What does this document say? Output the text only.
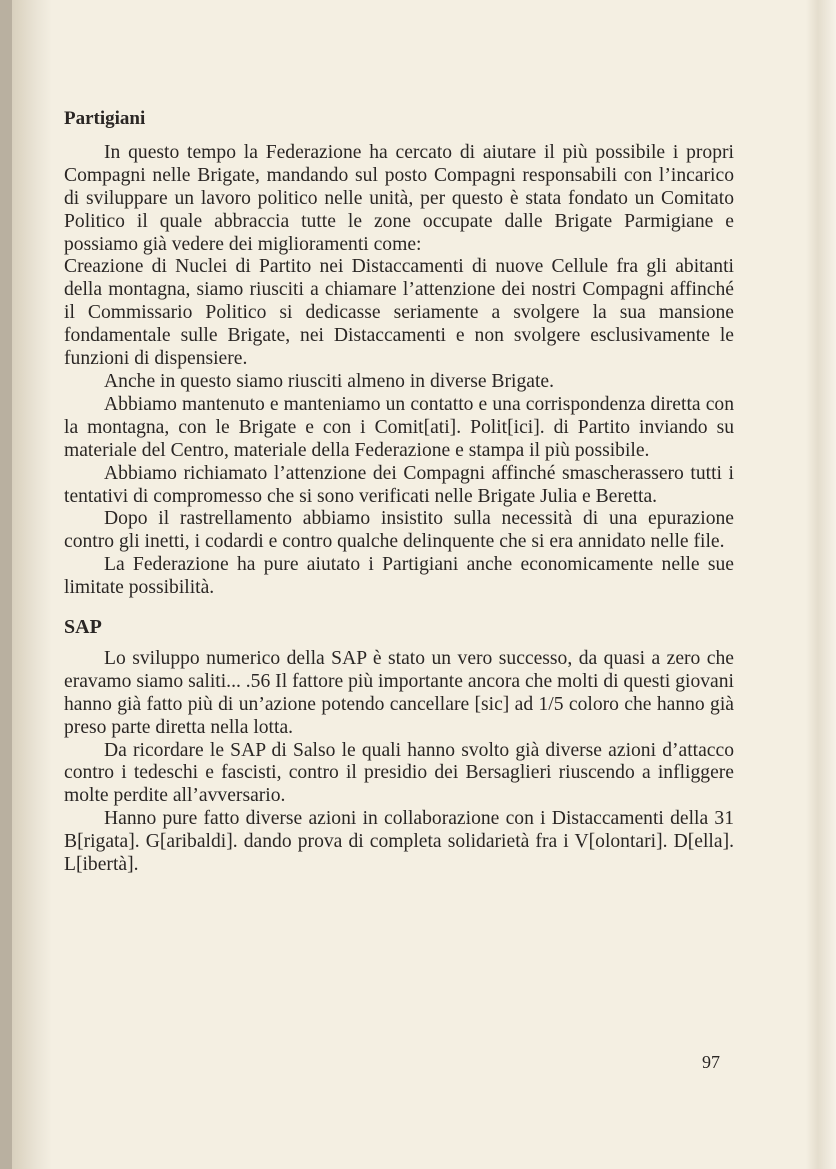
Partigiani

In questo tempo la Federazione ha cercato di aiutare il più possibile i propri Compagni nelle Brigate, mandando sul posto Compagni responsabili con l’incarico di sviluppare un lavoro politico nelle unità, per questo è stata fondato un Comitato Politico il quale abbraccia tutte le zone occupate dalle Brigate Parmigiane e possiamo già vedere dei miglioramenti come:

Creazione di Nuclei di Partito nei Distaccamenti di nuove Cellule fra gli abitanti della montagna, siamo riusciti a chiamare l’attenzione dei nostri Compagni affinché il Commissario Politico si dedicasse seriamente a svolgere la sua mansione fondamentale sulle Brigate, nei Distaccamenti e non svolgere esclusivamente le funzioni di dispensiere.

Anche in questo siamo riusciti almeno in diverse Brigate.

Abbiamo mantenuto e manteniamo un contatto e una corrispondenza diretta con la montagna, con le Brigate e con i Comit[ati]. Polit[ici]. di Partito inviando su materiale del Centro, materiale della Federazione e stampa il più possibile.

Abbiamo richiamato l’attenzione dei Compagni affinché smascherassero tutti i tentativi di compromesso che si sono verificati nelle Brigate Julia e Beretta.

Dopo il rastrellamento abbiamo insistito sulla necessità di una epurazione contro gli inetti, i codardi e contro qualche delinquente che si era annidato nelle file.

La Federazione ha pure aiutato i Partigiani anche economicamente nelle sue limitate possibilità.

SAP

Lo sviluppo numerico della SAP è stato un vero successo, da quasi a zero che eravamo siamo saliti... .56 Il fattore più importante ancora che molti di questi giovani hanno già fatto più di un’azione potendo cancellare [sic] ad 1/5 coloro che hanno già preso parte diretta nella lotta.

Da ricordare le SAP di Salso le quali hanno svolto già diverse azioni d’attacco contro i tedeschi e fascisti, contro il presidio dei Bersaglieri riuscendo a infliggere molte perdite all’avversario.

Hanno pure fatto diverse azioni in collaborazione con i Distaccamenti della 31 B[rigata]. G[aribaldi]. dando prova di completa solidarietà fra i V[olontari]. D[ella]. L[ibertà].

97
